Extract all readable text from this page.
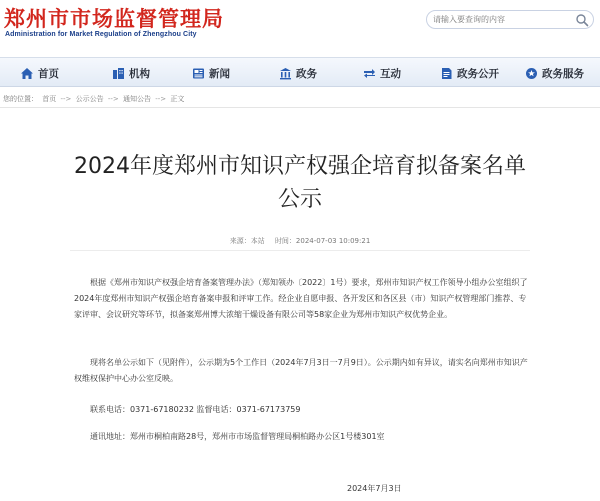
郑州市市场监督管理局
Administration for Market Regulation of Zhengzhou City
请输入要查询的内容
首页	机构	新闻	政务	互动	政务公开	政务服务
您的位置： 首页 --> 公示公告 --> 通知公告 --> 正文
2024年度郑州市知识产权强企培育拟备案名单公示
来源：本站 时间：2024-07-03 10:09:21

根据《郑州市知识产权强企培育备案管理办法》（郑知领办〔2022〕1号）要求，郑州市知识产权工作领导小组办公室组织了2024年度郑州市知识产权强企培育备案申报和评审工作。经企业自愿申报、各开发区和各区县（市）知识产权管理部门推荐、专家评审、会议研究等环节，拟备案郑州博大浓缩干燥设备有限公司等58家企业为郑州市知识产权优势企业。

现将名单公示如下（见附件），公示期为5个工作日（2024年7月3日一7月9日）。公示期内如有异议，请实名向郑州市知识产权维权保护中心办公室反映。

联系电话：0371-67180232 监督电话：0371-67173759

通讯地址：郑州市桐柏南路28号，郑州市市场监督管理局桐柏路办公区1号楼301室

2024年7月3日
